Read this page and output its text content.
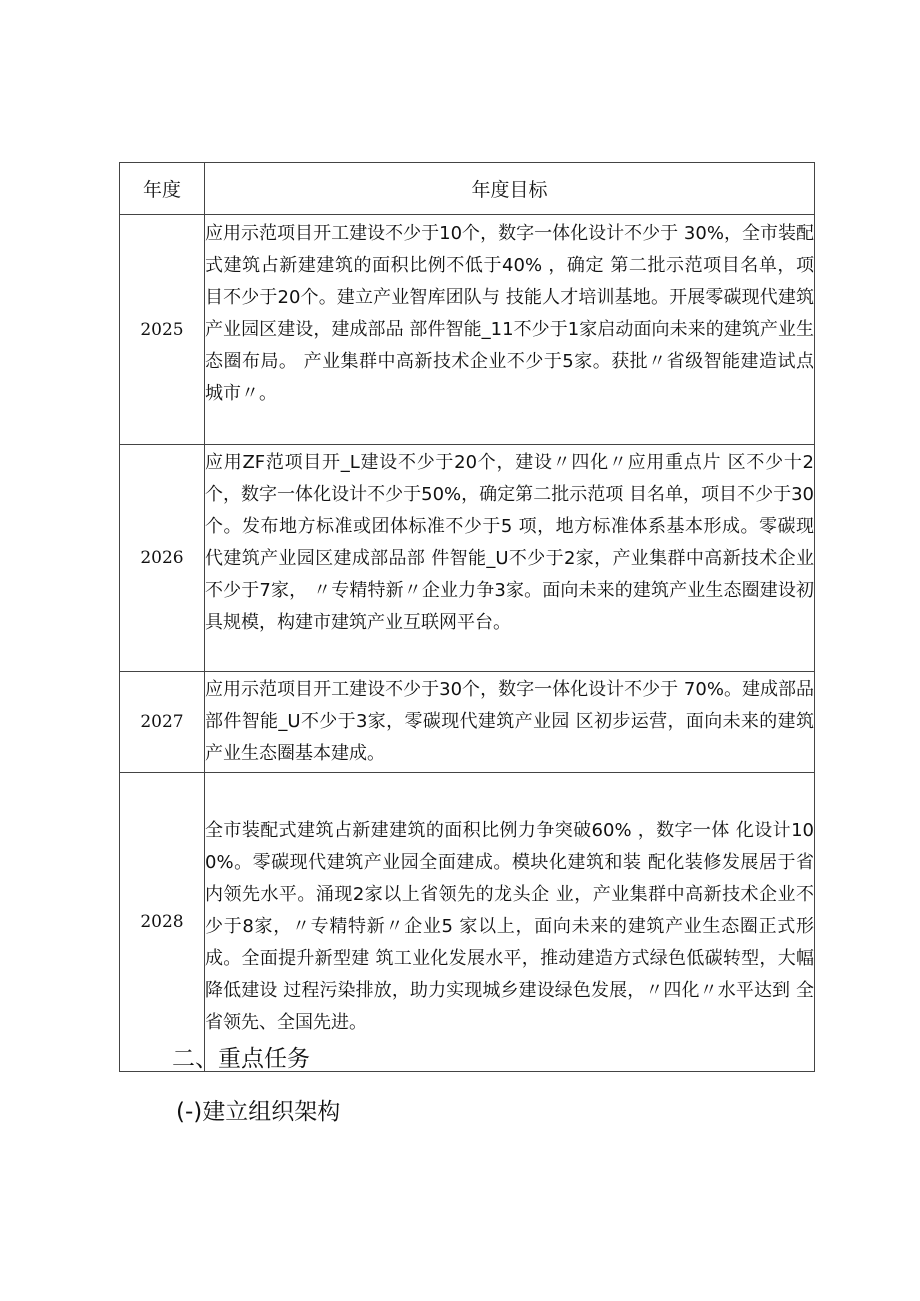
年度	年度目标
2025	应用示范项目开工建设不少于10个，数字一体化设计不少于 30%，全市装配式建筑占新建建筑的面积比例不低于40% ，确定 第二批示范项目名单，项目不少于20个。建立产业智库团队与 技能人才培训基地。开展零碳现代建筑产业园区建设，建成部品 部件智能_11不少于1家启动面向未来的建筑产业生态圈布局。 产业集群中高新技术企业不少于5家。获批〃省级智能建造试点 城市〃。
2026	应用ZF范项目开_L建设不少于20个，建设〃四化〃应用重点片 区不少十2个，数字一体化设计不少于50%，确定第二批示范项 目名单，项目不少于30个。发布地方标准或团体标准不少于5 项，地方标准体系基本形成。零碳现代建筑产业园区建成部品部 件智能_U不少于2家，产业集群中高新技术企业不少于7家， 〃专精特新〃企业力争3家。面向未来的建筑产业生态圈建设初 具规模，构建市建筑产业互联网平台。
2027	应用示范项目开工建设不少于30个，数字一体化设计不少于 70%。建成部品部件智能_U不少于3家，零碳现代建筑产业园 区初步运营，面向未来的建筑产业生态圈基本建成。
2028	全市装配式建筑占新建建筑的面积比例力争突破60% ，数字一体 化设计100%。零碳现代建筑产业园全面建成。模块化建筑和装 配化装修发展居于省内领先水平。涌现2家以上省领先的龙头企 业，产业集群中高新技术企业不少于8家，〃专精特新〃企业5 家以上，面向未来的建筑产业生态圈正式形成。全面提升新型建 筑工业化发展水平，推动建造方式绿色低碳转型，大幅降低建设 过程污染排放，助力实现城乡建设绿色发展，〃四化〃水平达到 全省领先、全国先进。
二、重点任务
(-)建立组织架构
